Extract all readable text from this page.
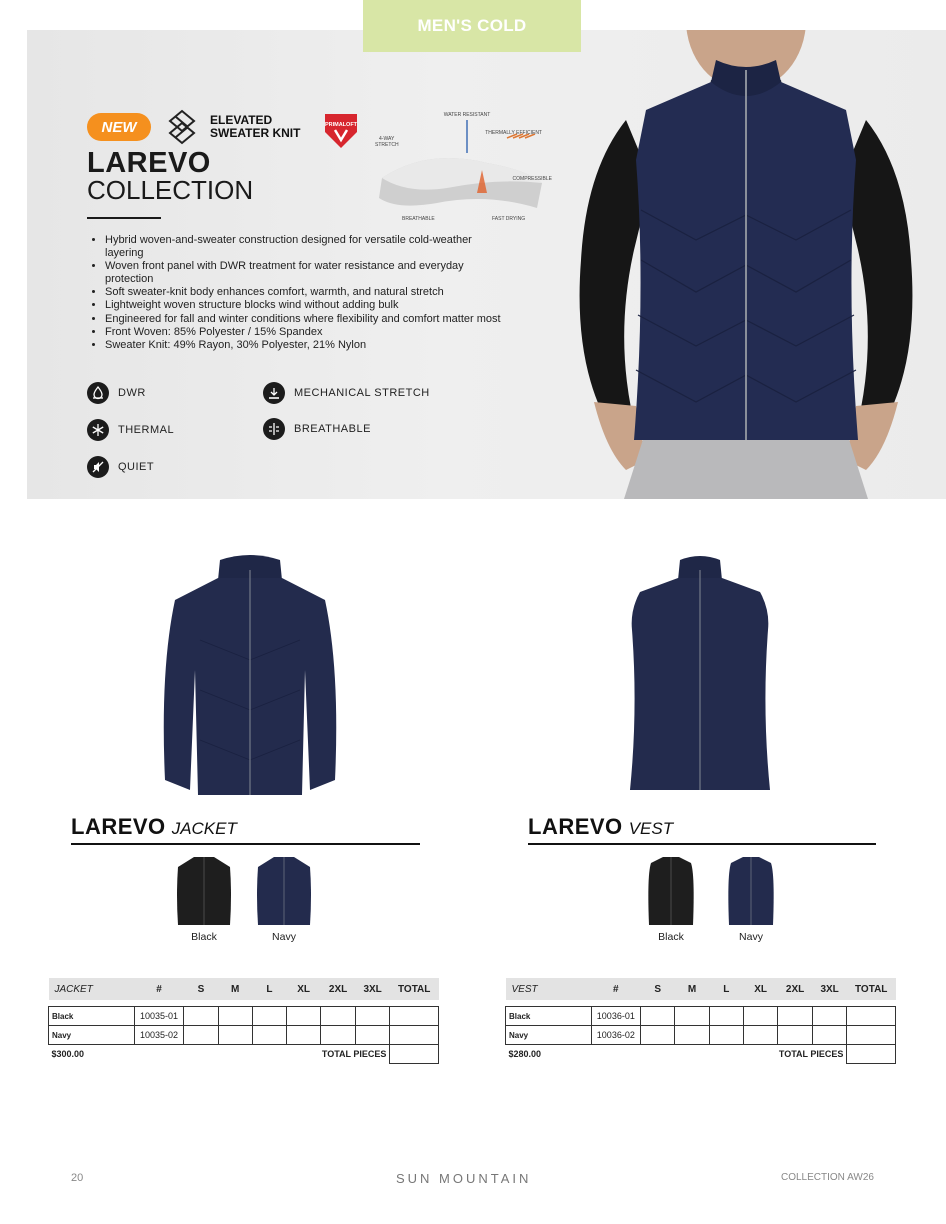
MEN'S COLD
NEW	ELEVATED
SWEATER KNIT
PRIMALOFT
WATER RESISTANT
THERMALLY EFFICIENT
4-WAY
STRETCH
COMPRESSIBLE
BREATHABLE	FAST DRYING
LAREVO
COLLECTION
• Hybrid woven-and-sweater construction designed for versatile cold-weather layering
• Woven front panel with DWR treatment for water resistance and everyday protection
• Soft sweater-knit body enhances comfort, warmth, and natural stretch
• Lightweight woven structure blocks wind without adding bulk
• Engineered for fall and winter conditions where flexibility and comfort matter most
• Front Woven: 85% Polyester / 15% Spandex
• Sweater Knit: 49% Rayon, 30% Polyester, 21% Nylon
DWR	MECHANICAL STRETCH
THERMAL	BREATHABLE
QUIET
LAREVO JACKET
Black	Navy
JACKET	#	S	M	L	XL	2XL	3XL	TOTAL

Black	10035-01							
Navy	10035-02							
$300.00		TOTAL PIECES						
LAREVO VEST
Black	Navy
VEST	#	S	M	L	XL	2XL	3XL	TOTAL

Black	10036-01							
Navy	10036-02							
$280.00		TOTAL PIECES						
20	SUN MOUNTAIN	COLLECTION AW26
